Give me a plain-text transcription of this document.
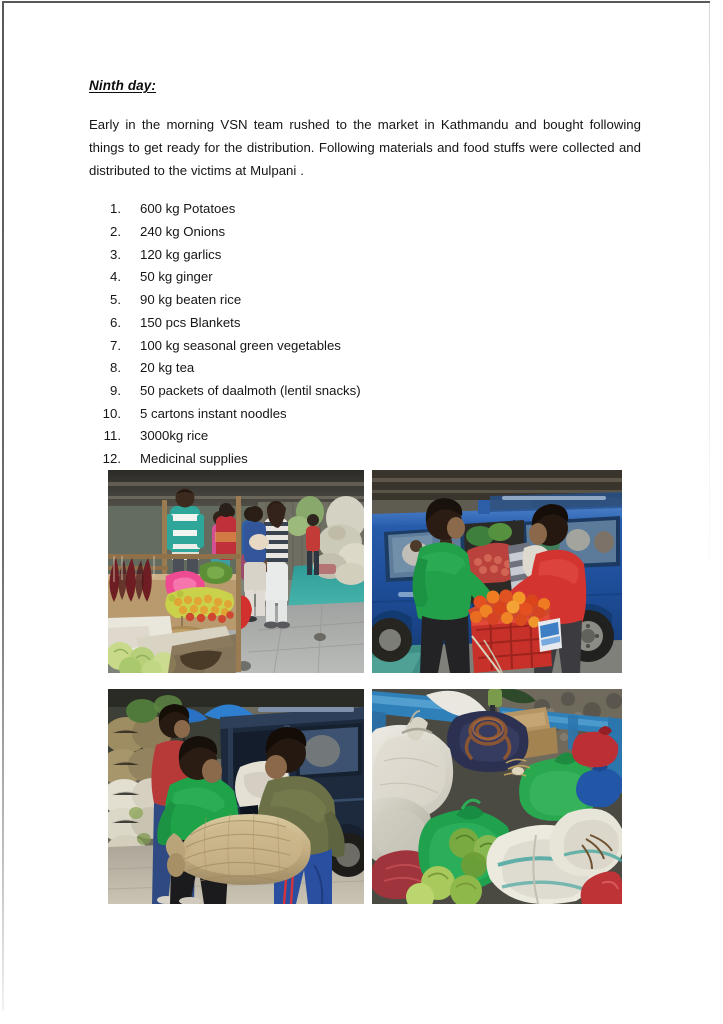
Ninth day:

Early in the morning VSN team rushed to the market in Kathmandu and bought following things to get ready for the distribution. Following materials and food stuffs were collected and distributed to the victims at Mulpani .

1. 600 kg Potatoes
2. 240 kg Onions
3. 120 kg garlics
4. 50 kg ginger
5. 90 kg beaten rice
6. 150 pcs Blankets
7. 100 kg seasonal green vegetables
8. 20 kg tea
9. 50 packets of daalmoth (lentil snacks)
10. 5 cartons instant noodles
11. 3000kg rice
12. Medicinal supplies
